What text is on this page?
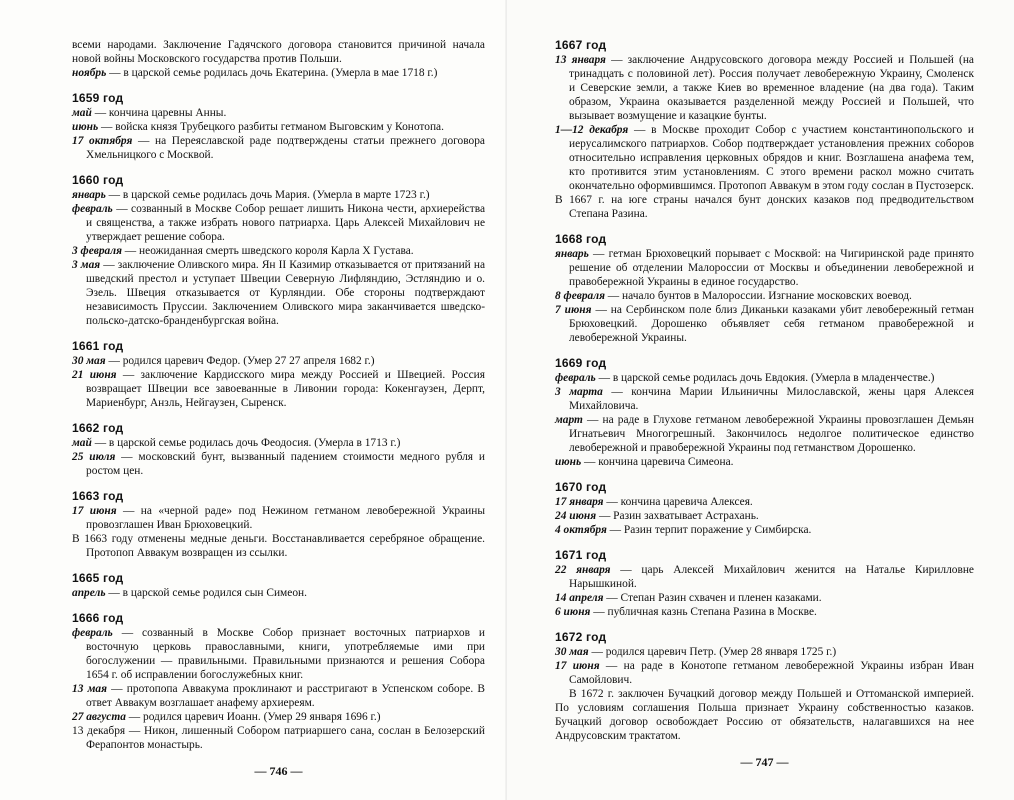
всеми народами. Заключение Гадячского договора становится причиной начала новой войны Московского государства против Польши.

ноябрь — в царской семье родилась дочь Екатерина. (Умерла в мае 1718 г.)

1659 год

май — кончина царевны Анны.

июнь — войска князя Трубецкого разбиты гетманом Выговским у Конотопа.

17 октября — на Переяславской раде подтверждены статьи прежнего договора Хмельницкого с Москвой.

1660 год

январь — в царской семье родилась дочь Мария. (Умерла в марте 1723 г.)

февраль — созванный в Москве Собор решает лишить Никона чести, архиерейства и священства, а также избрать нового патриарха. Царь Алексей Михайлович не утверждает решение собора.

3 февраля — неожиданная смерть шведского короля Карла X Густава.

3 мая — заключение Оливского мира. Ян II Казимир отказывается от притязаний на шведский престол и уступает Швеции Северную Лифляндию, Эстляндию и о. Эзель. Швеция отказывается от Курляндии. Обе стороны подтверждают независимость Пруссии. Заключением Оливского мира заканчивается шведско-польско-датско-бранденбургская война.

1661 год

30 мая — родился царевич Федор. (Умер 27 27 апреля 1682 г.)

21 июня — заключение Кардисского мира между Россией и Швецией. Россия возвращает Швеции все завоеванные в Ливонии города: Кокенгаузен, Дерпт, Мариенбург, Анзль, Нейгаузен, Сыренск.

1662 год

май — в царской семье родилась дочь Феодосия. (Умерла в 1713 г.)

25 июля — московский бунт, вызванный падением стоимости медного рубля и ростом цен.

1663 год

17 июня — на «черной раде» под Нежином гетманом левобережной Украины провозглашен Иван Брюховецкий.

В 1663 году отменены медные деньги. Восстанавливается серебряное обращение. Протопоп Аввакум возвращен из ссылки.

1665 год

апрель — в царской семье родился сын Симеон.

1666 год

февраль — созванный в Москве Собор признает восточных патриархов и восточную церковь православными, книги, употребляемые ими при богослужении — правильными. Правильными признаются и решения Собора 1654 г. об исправлении богослужебных книг.

13 мая — протопопа Аввакума проклинают и расстригают в Успенском соборе. В ответ Аввакум возглашает анафему архиереям.

27 августа — родился царевич Иоанн. (Умер 29 января 1696 г.)

13 декабря — Никон, лишенный Собором патриаршего сана, сослан в Белозерский Ферапонтов монастырь.

— 746 —
1667 год

13 января — заключение Андрусовского договора между Россией и Польшей (на тринадцать с половиной лет). Россия получает левобережную Украину, Смоленск и Северские земли, а также Киев во временное владение (на два года). Таким образом, Украина оказывается разделенной между Россией и Польшей, что вызывает возмущение и казацкие бунты.

1—12 декабря — в Москве проходит Собор с участием константинопольского и иерусалимского патриархов. Собор подтверждает установления прежних соборов относительно исправления церковных обрядов и книг. Возглашена анафема тем, кто противится этим установлениям. С этого времени раскол можно считать окончательно оформившимся. Протопоп Аввакум в этом году сослан в Пустозерск.

В 1667 г. на юге страны начался бунт донских казаков под предводительством Степана Разина.

1668 год

январь — гетман Брюховецкий порывает с Москвой: на Чигиринской раде принято решение об отделении Малороссии от Москвы и объединении левобережной и правобережной Украины в единое государство.

8 февраля — начало бунтов в Малороссии. Изгнание московских воевод.

7 июня — на Сербинском поле близ Диканьки казаками убит левобережный гетман Брюховецкий. Дорошенко объявляет себя гетманом правобережной и левобережной Украины.

1669 год

февраль — в царской семье родилась дочь Евдокия. (Умерла в младенчестве.)

3 марта — кончина Марии Ильиничны Милославской, жены царя Алексея Михайловича.

март — на раде в Глухове гетманом левобережной Украины провозглашен Демьян Игнатьевич Многогрешный. Закончилось недолгое политическое единство левобережной и правобережной Украины под гетманством Дорошенко.

июнь — кончина царевича Симеона.

1670 год

17 января — кончина царевича Алексея.

24 июня — Разин захватывает Астрахань.

4 октября — Разин терпит поражение у Симбирска.

1671 год

22 января — царь Алексей Михайлович женится на Наталье Кирилловне Нарышкиной.

14 апреля — Степан Разин схвачен и пленен казаками.

6 июня — публичная казнь Степана Разина в Москве.

1672 год

30 мая — родился царевич Петр. (Умер 28 января 1725 г.)

17 июня — на раде в Конотопе гетманом левобережной Украины избран Иван Самойлович.

В 1672 г. заключен Бучацкий договор между Польшей и Оттоманской империей. По условиям соглашения Польша признает Украину собственностью казаков. Бучацкий договор освобождает Россию от обязательств, налагавшихся на нее Андрусовским трактатом.

— 747 —
